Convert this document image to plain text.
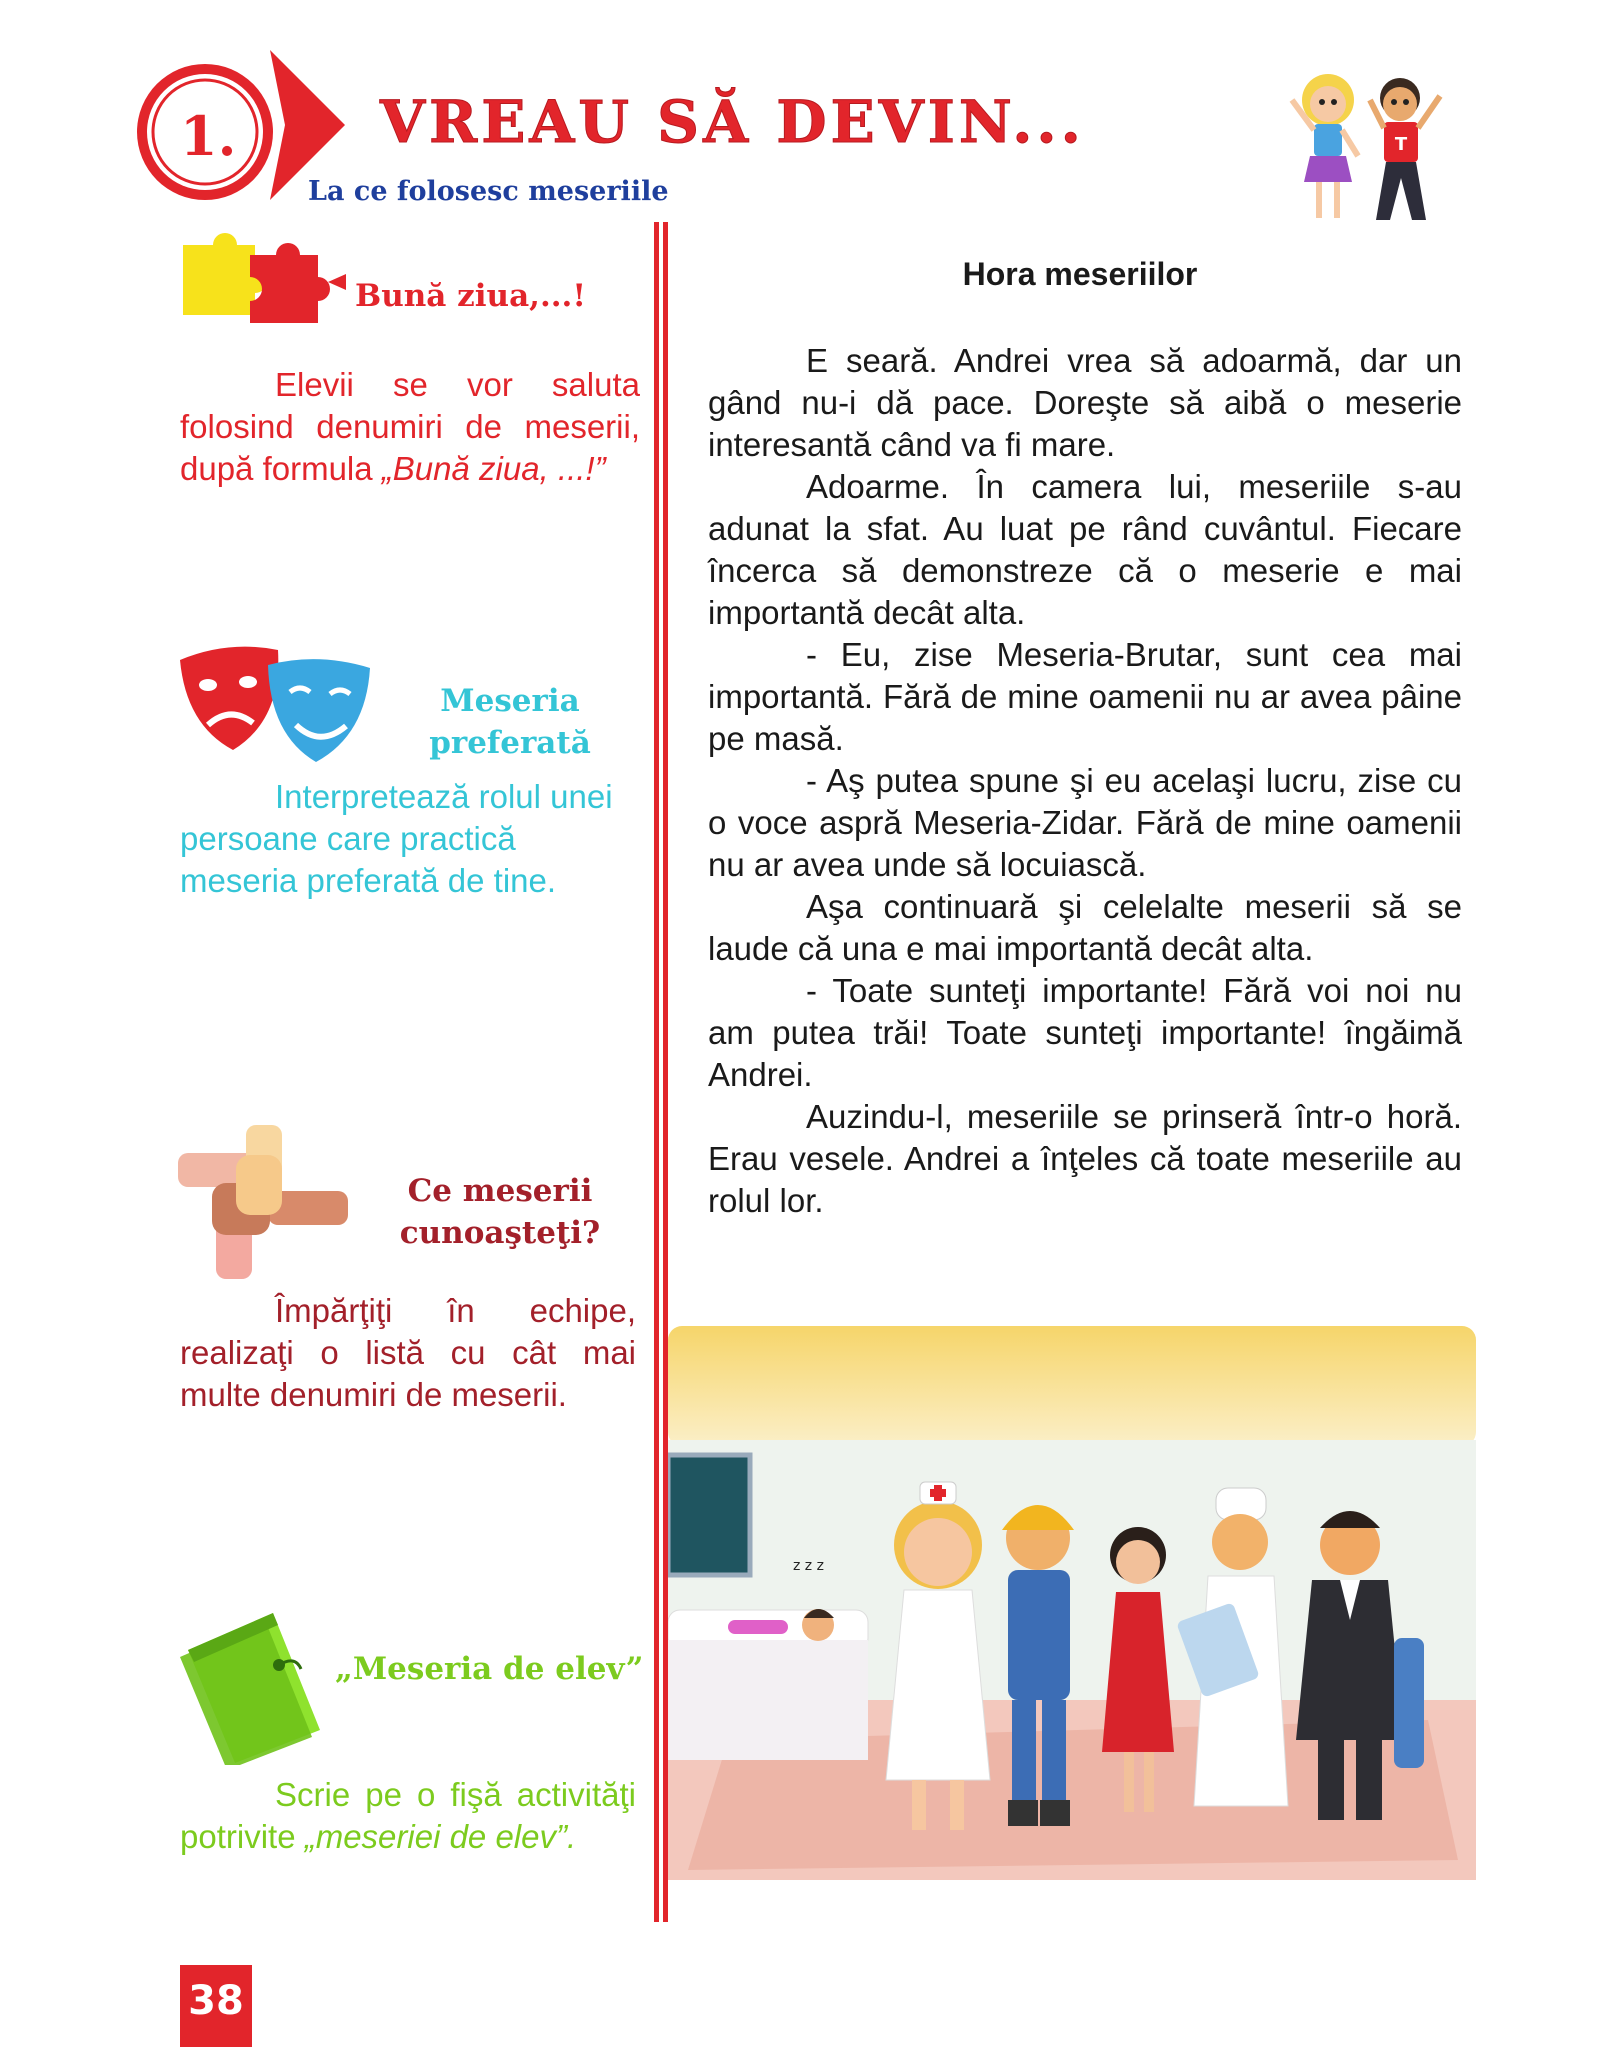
1. VREAU SĂ DEVIN...
La ce folosesc meseriile
T
Bună ziua,...!
Elevii se vor saluta folosind denumiri de meserii, după formula „Bună ziua, ...!”
Meseria
preferată
Interpretează rolul unei persoane care practică meseria preferată de tine.
Ce meserii
cunoaşteţi?
Împărţiţi în echipe, realizaţi o listă cu cât mai multe denumiri de meserii.
„Meseria de elev”
Scrie pe o fişă activităţi potrivite „meseriei de elev”.
Hora meseriilor

E seară. Andrei vrea să adoarmă, dar un gând nu-i dă pace. Doreşte să aibă o meserie interesantă când va fi mare.

Adoarme. În camera lui, meseriile s-au adunat la sfat. Au luat pe rând cuvântul. Fiecare încerca să demonstreze că o meserie e mai importantă decât alta.

- Eu, zise Meseria-Brutar, sunt cea mai importantă. Fără de mine oamenii nu ar avea pâine pe masă.

- Aş putea spune şi eu acelaşi lucru, zise cu o voce aspră Meseria-Zidar. Fără de mine oamenii nu ar avea unde să locuiască.

Aşa continuară şi celelalte meserii să se laude că una e mai importantă decât alta.

- Toate sunteţi importante! Fără voi noi nu am putea trăi! Toate sunteţi importante! îngăimă Andrei.

Auzindu-l, meseriile se prinseră într-o horă. Erau vesele. Andrei a înţeles că toate meseriile au rolul lor.

z z z
38
